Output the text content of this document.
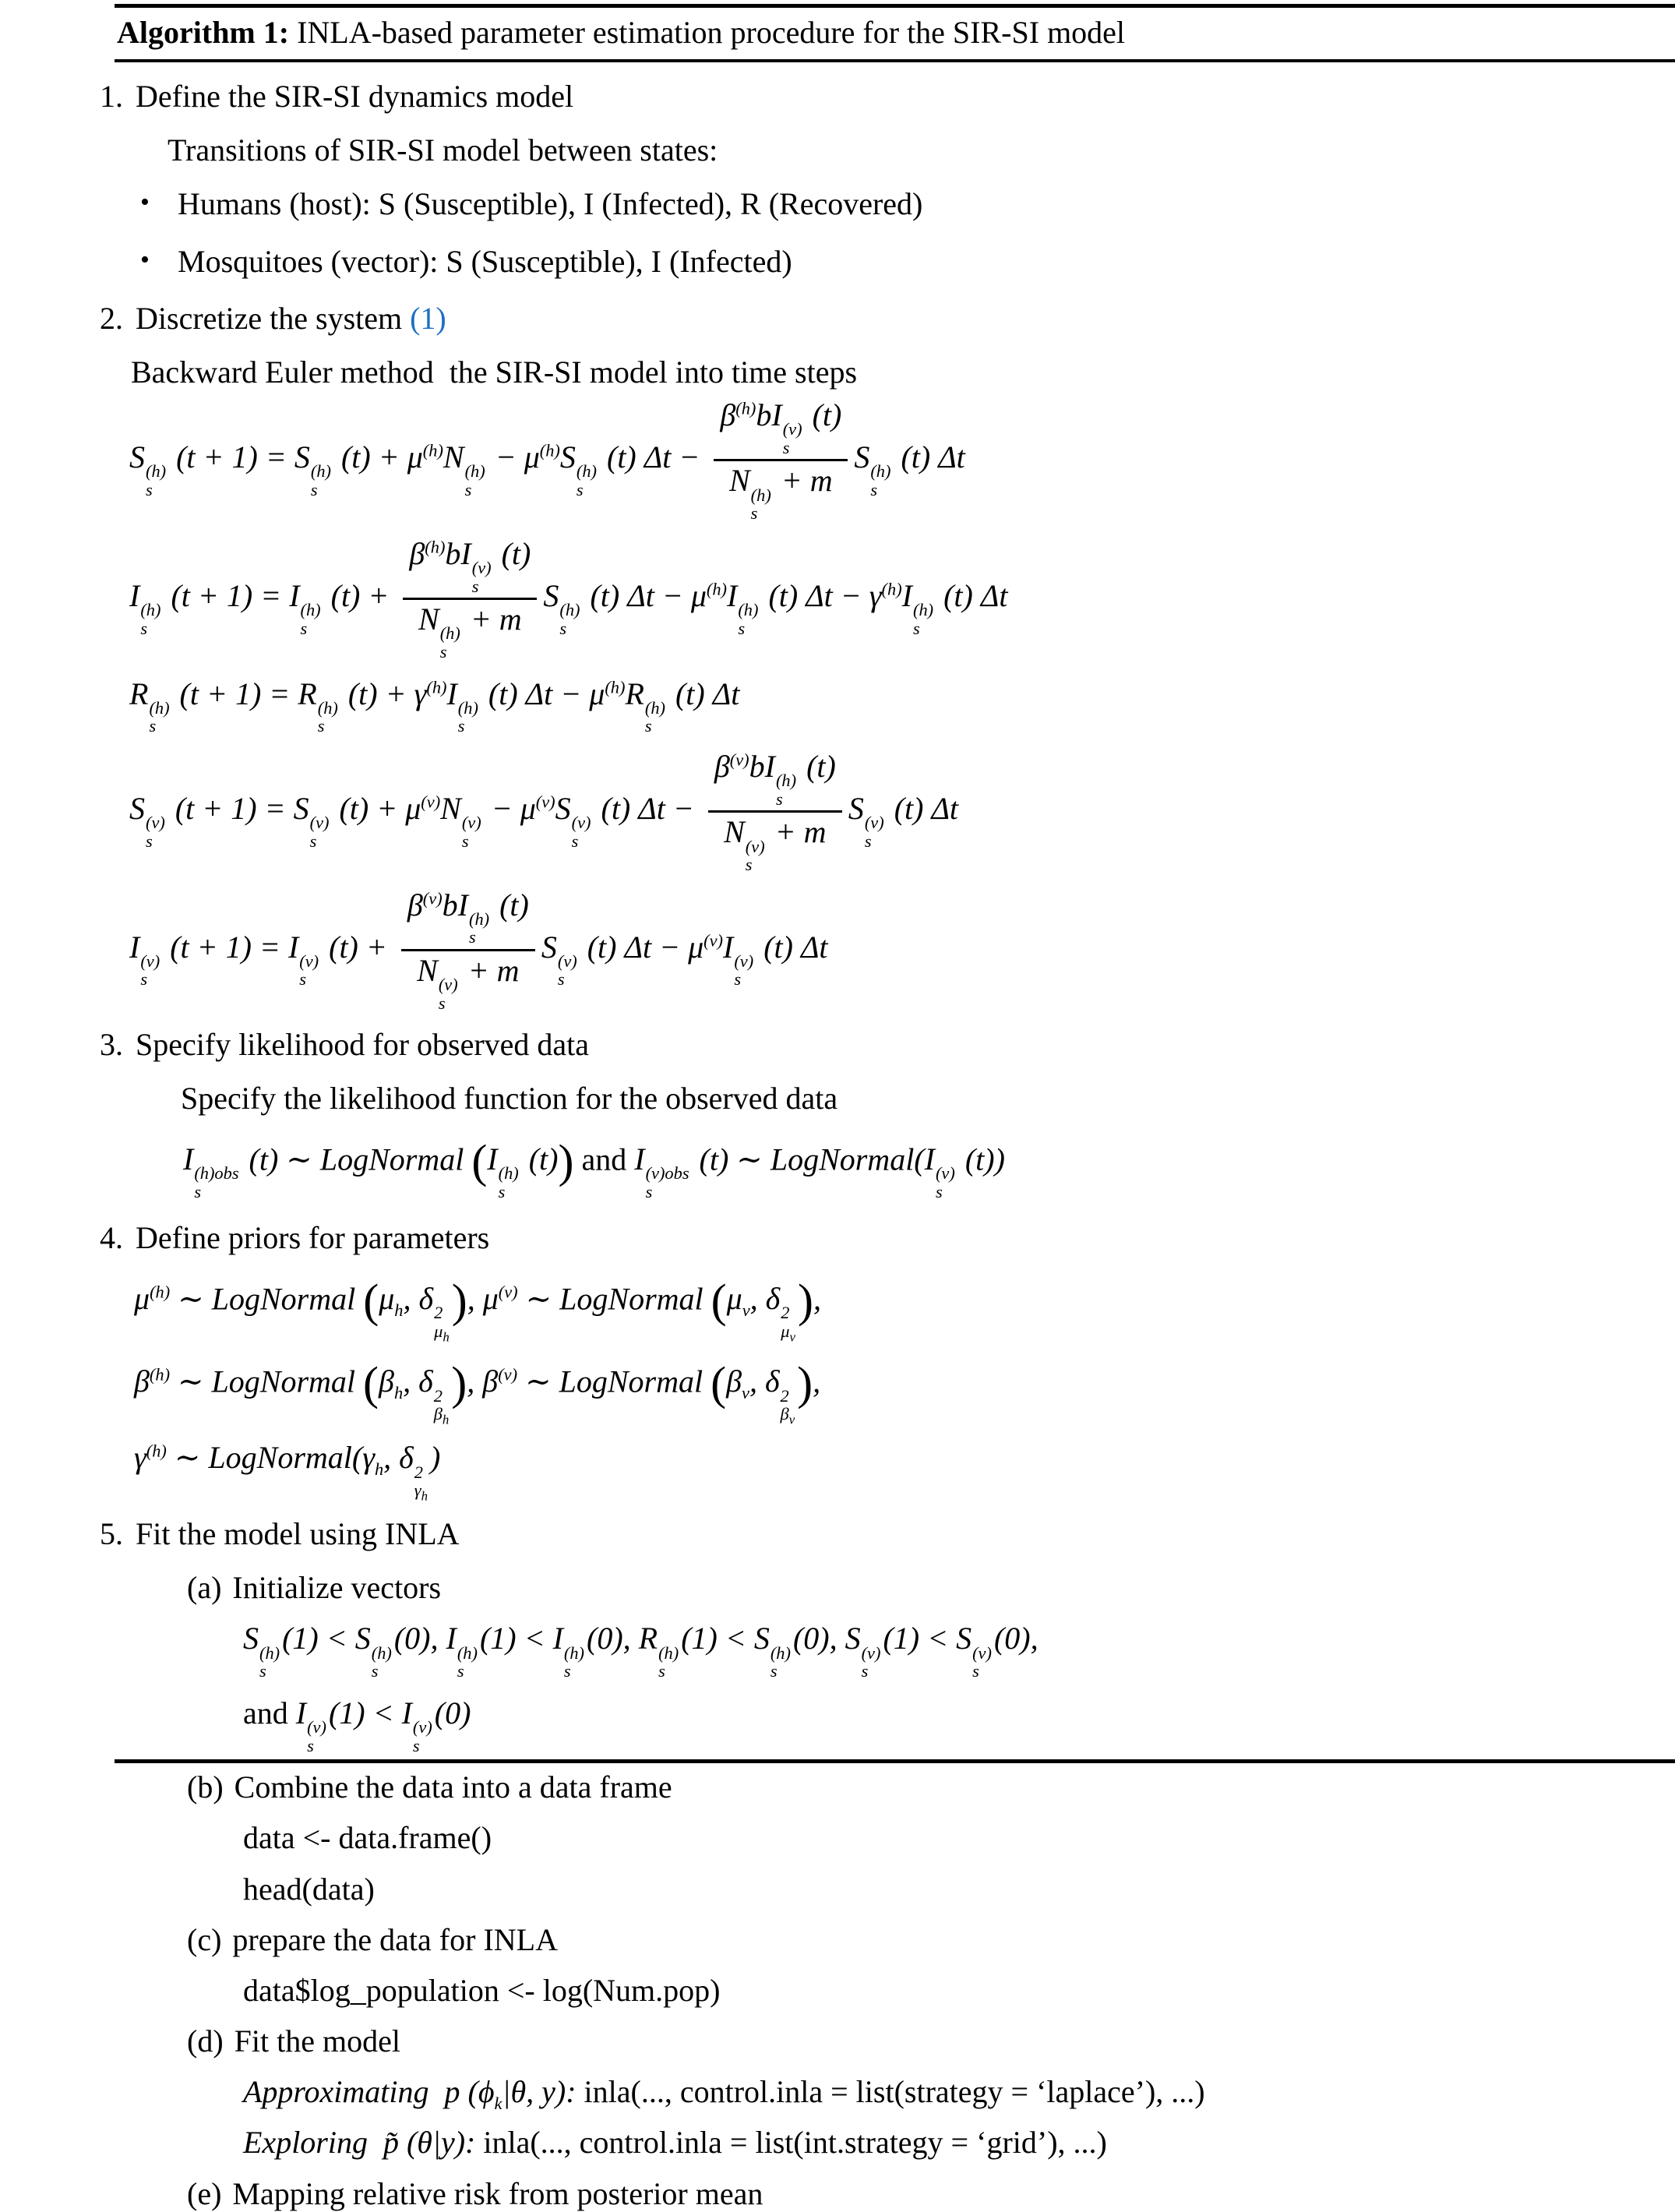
Algorithm 1: INLA-based parameter estimation procedure for the SIR-SI model
1. Define the SIR-SI dynamics model
Transitions of SIR-SI model between states:
• Humans (host): S (Susceptible), I (Infected), R (Recovered)
• Mosquitoes (vector): S (Susceptible), I (Infected)
2. Discretize the system (1)
Backward Euler method  the SIR-SI model into time steps
S (h)
s
(t + 1) = S (h)
s
$(t) + \mu^{(h)}N$ (h)
s
− $\mu^{(h)}S$ (h)
s
(t) $\Delta t - \beta^{(h)}bI$ (v)
s
(t)
N (h)
s
+ m S (h)
s
(t) Δt
I (h)
s
(t + 1) = I (h)
s
$(t) + \beta^{(h)}bI$ (v)
s
(t)
N (h)
s
+ m S (h)
s
(t) $\Delta t - \mu^{(h)}I$ (h)
s
(t) $\Delta t - \gamma^{(h)}I$ (h)
s
(t) Δt
R (h)
s
(t + 1) = R (h)
s
$(t) + \gamma^{(h)}I$ (h)
s
(t) $\Delta t - \mu^{(h)}R$ (h)
s
(t) Δt
S (v)
s
(t + 1) = S (v)
s
$(t) + \mu^{(v)}N$ (v)
s
− $\mu^{(v)}S$ (v)
s
(t) $\Delta t - \beta^{(v)}bI$ (h)
s
(t)
N (v)
s
+ m S (v)
s
(t) Δt
I (v)
s
(t + 1) = I (v)
s
$(t) + \beta^{(v)}bI$ (h)
s
(t)
N (v)
s
+ m S (v)
s
(t) $\Delta t - \mu^{(v)}I$ (v)
s
(t) Δt
3. Specify likelihood for observed data
Specify the likelihood function for the observed data
I (h)obs
s
(t) ∼ LogNormal (I (h)
s
(t)) and I (v)obs
s
(t) ∼ LogNormal(I (v)
s
(t))
4. Define priors for parameters
$\mu^{(h)}$ ∼ LogNormal ($\mu_h$, δ 2
$\mu_h$
), $\mu^{(v)}$ ∼ LogNormal ($\mu_v$, δ 2
$\mu_v$
),
$\beta^{(h)}$ ∼ LogNormal ($\beta_h$, δ 2
$\beta_h$
), $\beta^{(v)}$ ∼ LogNormal ($\beta_v$, δ 2
$\beta_v$
),
$\gamma^{(h)}$ ∼ $LogNormal(\gamma_h$, δ 2
$\gamma_h$
)
5. Fit the model using INLA
(a) Initialize vectors
S (h)
s
(1) < S (h)
s
(0), I (h)
s
(1) < I (h)
s
(0), R (h)
s
(1) < S (h)
s
(0), S (v)
s
(1) < S (v)
s
(0),
and I (v)
s
(1) < I (v)
s
(0)
(b) Combine the data into a data frame
data <- data.frame()
head(data)
(c) prepare the data for INLA
data$log_population <- log(Num.pop)
(d) Fit the model
Approximating  p ($\phi_k|\theta$, y): inla(..., control.inla = list(strategy = ‘laplace’), ...)
Exploring  p̃ (θ|y): inla(..., control.inla = list(int.strategy = ‘grid’), ...)
(e) Mapping relative risk from posterior mean
